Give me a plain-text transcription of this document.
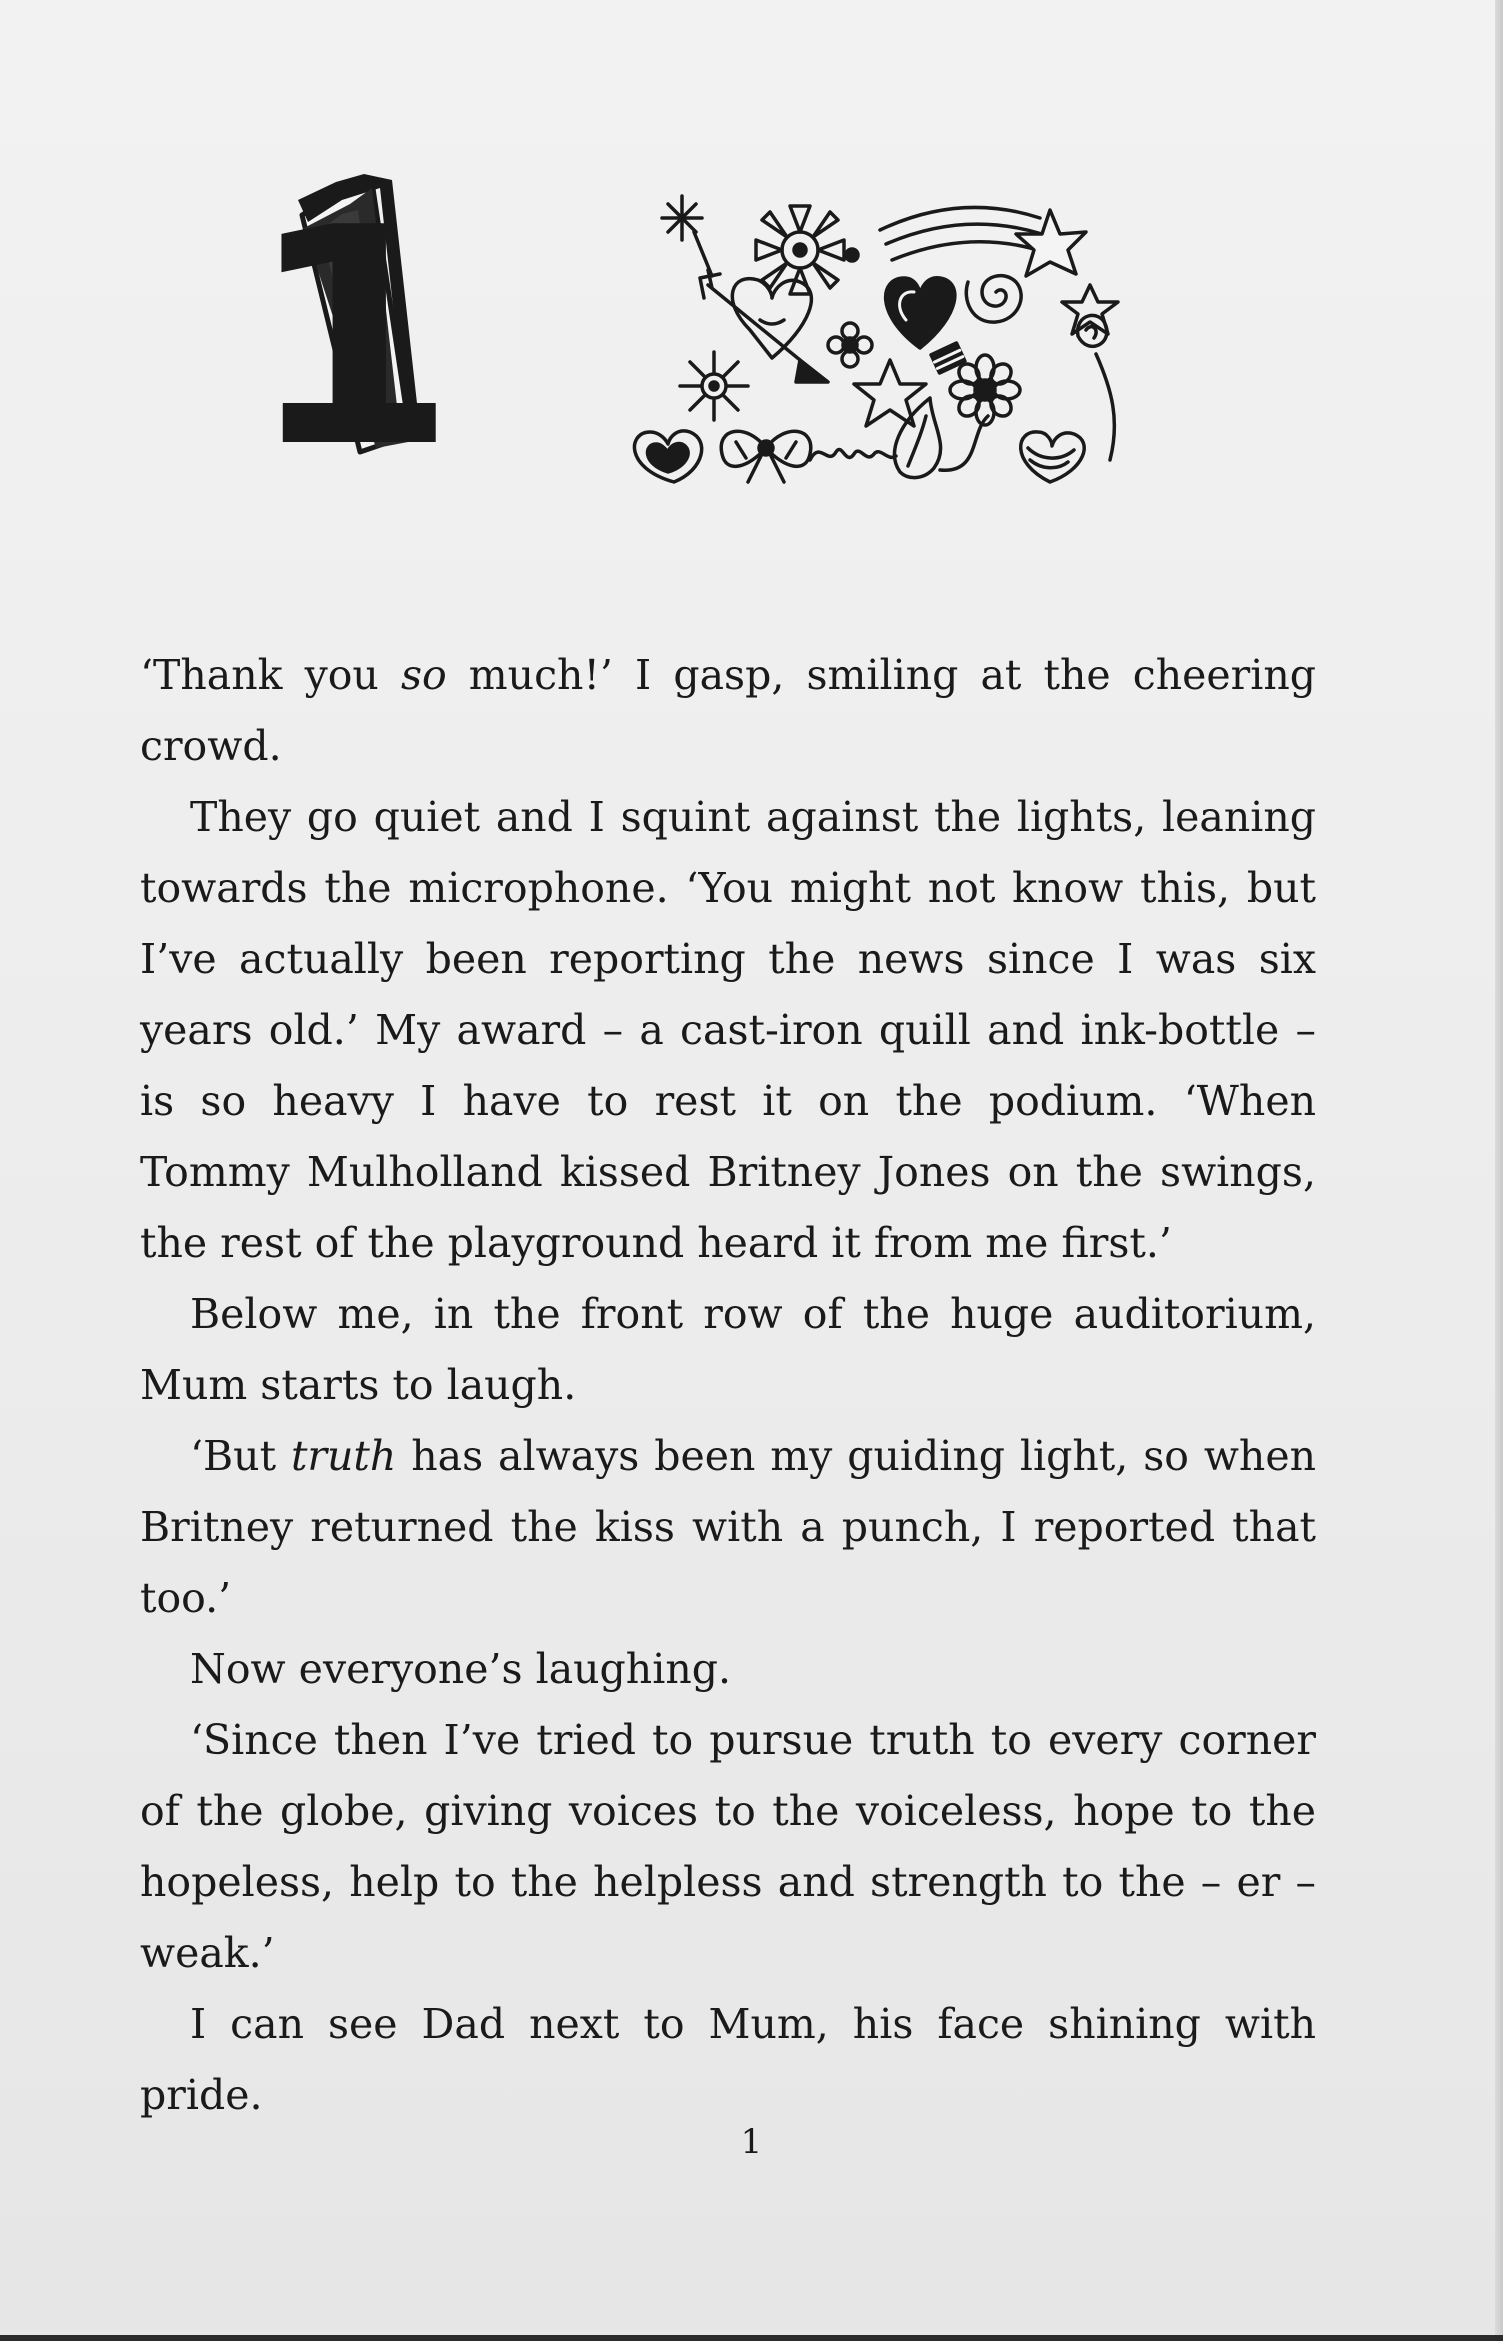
1

‘Thank you so much!’ I gasp, smiling at the cheering crowd.

They go quiet and I squint against the lights, leaning towards the microphone. ‘You might not know this, but I’ve actually been reporting the news since I was six years old.’ My award – a cast-iron quill and ink-bottle – is so heavy I have to rest it on the podium. ‘When Tommy Mulholland kissed Britney Jones on the swings, the rest of the playground heard it from me first.’

Below me, in the front row of the huge auditorium, Mum starts to laugh.

‘But truth has always been my guiding light, so when Britney returned the kiss with a punch, I reported that too.’

Now everyone’s laughing.

‘Since then I’ve tried to pursue truth to every corner of the globe, giving voices to the voiceless, hope to the hopeless, help to the helpless and strength to the – er – weak.’

I can see Dad next to Mum, his face shining with pride.

1
